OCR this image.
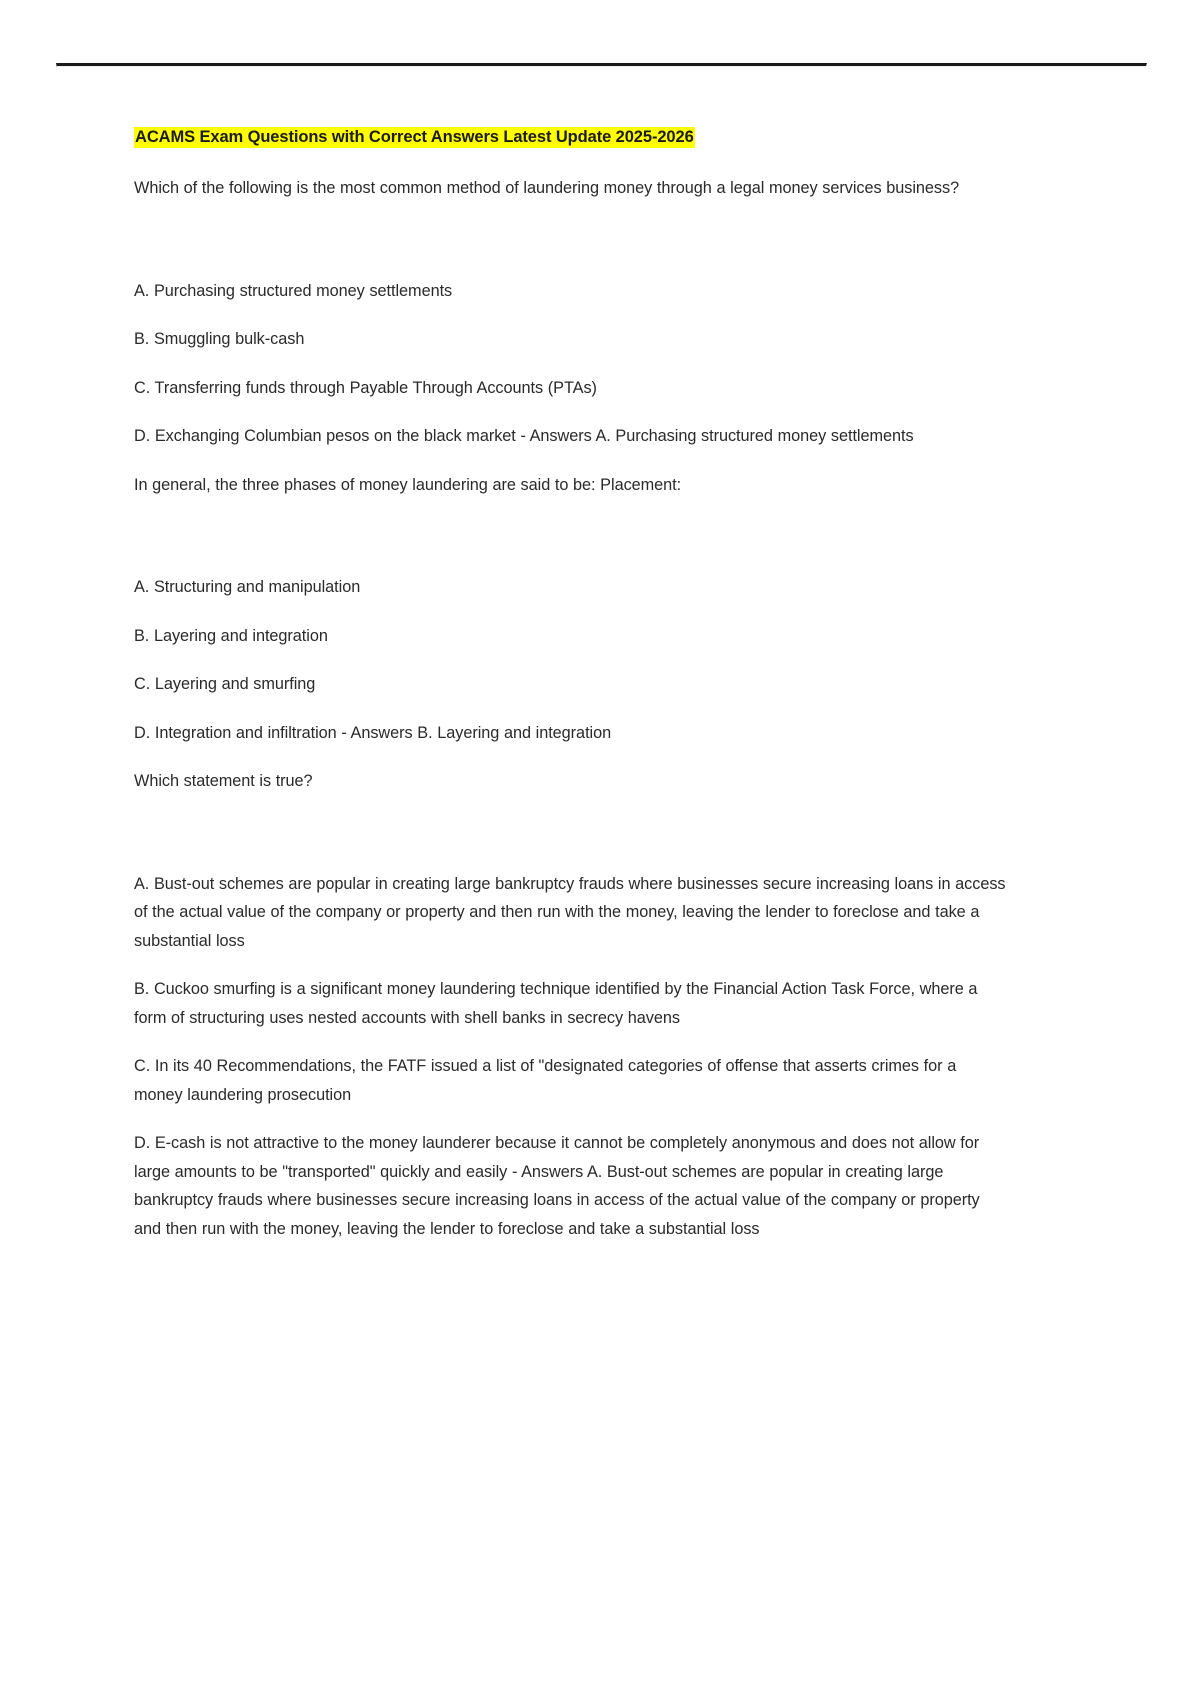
ACAMS Exam Questions with Correct Answers Latest Update 2025-2026

Which of the following is the most common method of laundering money through a legal money services business?

A. Purchasing structured money settlements

B. Smuggling bulk-cash

C. Transferring funds through Payable Through Accounts (PTAs)

D. Exchanging Columbian pesos on the black market - Answers A. Purchasing structured money settlements

In general, the three phases of money laundering are said to be: Placement:

A. Structuring and manipulation

B. Layering and integration

C. Layering and smurfing

D. Integration and infiltration - Answers B. Layering and integration

Which statement is true?

A. Bust-out schemes are popular in creating large bankruptcy frauds where businesses secure increasing loans in access of the actual value of the company or property and then run with the money, leaving the lender to foreclose and take a substantial loss

B. Cuckoo smurfing is a significant money laundering technique identified by the Financial Action Task Force, where a form of structuring uses nested accounts with shell banks in secrecy havens

C. In its 40 Recommendations, the FATF issued a list of "designated categories of offense that asserts crimes for a money laundering prosecution

D. E-cash is not attractive to the money launderer because it cannot be completely anonymous and does not allow for large amounts to be "transported" quickly and easily - Answers A. Bust-out schemes are popular in creating large bankruptcy frauds where businesses secure increasing loans in access of the actual value of the company or property and then run with the money, leaving the lender to foreclose and take a substantial loss
